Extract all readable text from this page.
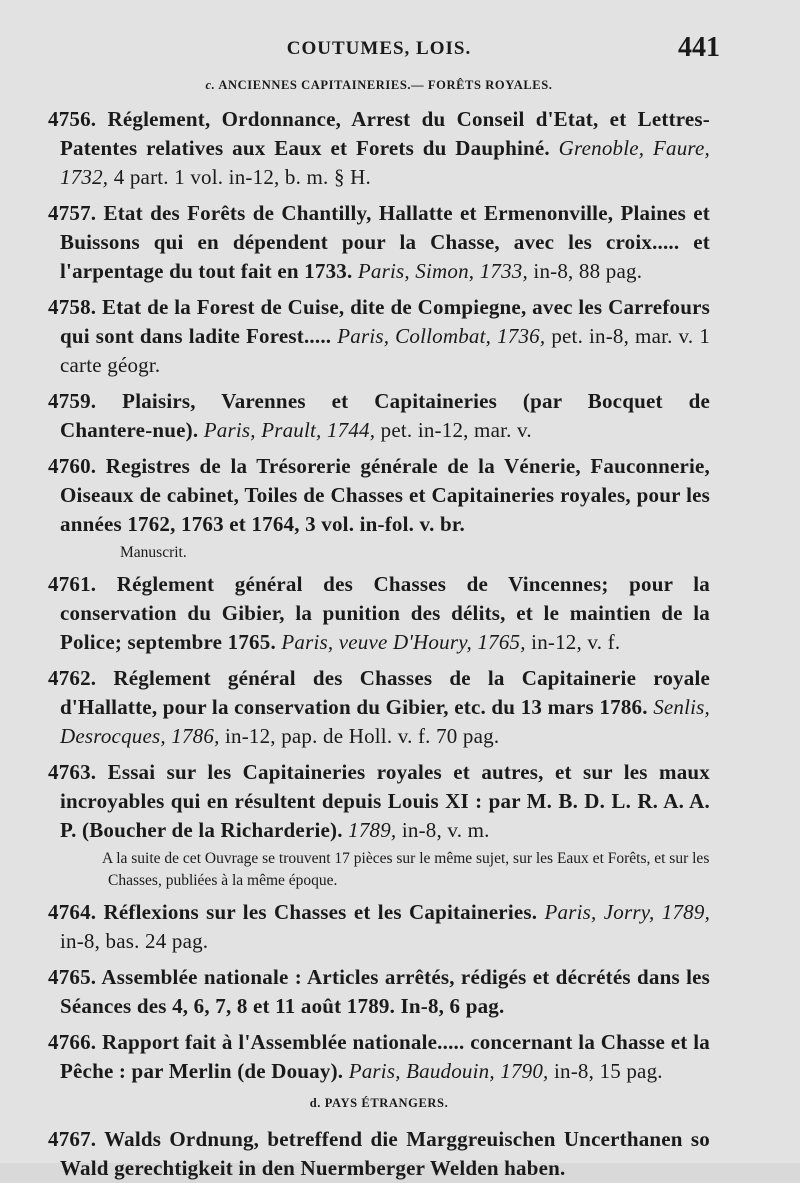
COUTUMES, LOIS.	441
c. ANCIENNES CAPITAINERIES.— FORÊTS ROYALES.

4756. Réglement, Ordonnance, Arrest du Conseil d'Etat, et Lettres-Patentes relatives aux Eaux et Forets du Dauphiné. Grenoble, Faure, 1732, 4 part. 1 vol. in-12, b. m. § H.

4757. Etat des Forêts de Chantilly, Hallatte et Ermenonville, Plaines et Buissons qui en dépendent pour la Chasse, avec les croix..... et l'arpentage du tout fait en 1733. Paris, Simon, 1733, in-8, 88 pag.

4758. Etat de la Forest de Cuise, dite de Compiegne, avec les Carrefours qui sont dans ladite Forest..... Paris, Collombat, 1736, pet. in-8, mar. v. 1 carte géogr.

4759. Plaisirs, Varennes et Capitaineries (par Bocquet de Chantere‑nue). Paris, Prault, 1744, pet. in-12, mar. v.

4760. Registres de la Trésorerie générale de la Vénerie, Fauconnerie, Oiseaux de cabinet, Toiles de Chasses et Capitaineries royales, pour les années 1762, 1763 et 1764, 3 vol. in-fol. v. br.

Manuscrit.

4761. Réglement général des Chasses de Vincennes; pour la conservation du Gibier, la punition des délits, et le maintien de la Police; septembre 1765. Paris, veuve D'Houry, 1765, in-12, v. f.

4762. Réglement général des Chasses de la Capitainerie royale d'Hallatte, pour la conservation du Gibier, etc. du 13 mars 1786. Senlis, Desrocques, 1786, in-12, pap. de Holl. v. f. 70 pag.

4763. Essai sur les Capitaineries royales et autres, et sur les maux incroyables qui en résultent depuis Louis XI : par M. B. D. L. R. A. A. P. (Boucher de la Richarderie). 1789, in-8, v. m.

A la suite de cet Ouvrage se trouvent 17 pièces sur le même sujet, sur les Eaux et Forêts, et sur les Chasses, publiées à la même époque.

4764. Réflexions sur les Chasses et les Capitaineries. Paris, Jorry, 1789, in-8, bas. 24 pag.

4765. Assemblée nationale : Articles arrêtés, rédigés et décrétés dans les Séances des 4, 6, 7, 8 et 11 août 1789. In-8, 6 pag.

4766. Rapport fait à l'Assemblée nationale..... concernant la Chasse et la Pêche : par Merlin (de Douay). Paris, Baudouin, 1790, in-8, 15 pag.

d. PAYS ÉTRANGERS.

4767. Walds Ordnung, betreffend die Marggreuischen Uncerthanen so Wald gerechtigkeit in den Nuermberger Welden haben.
